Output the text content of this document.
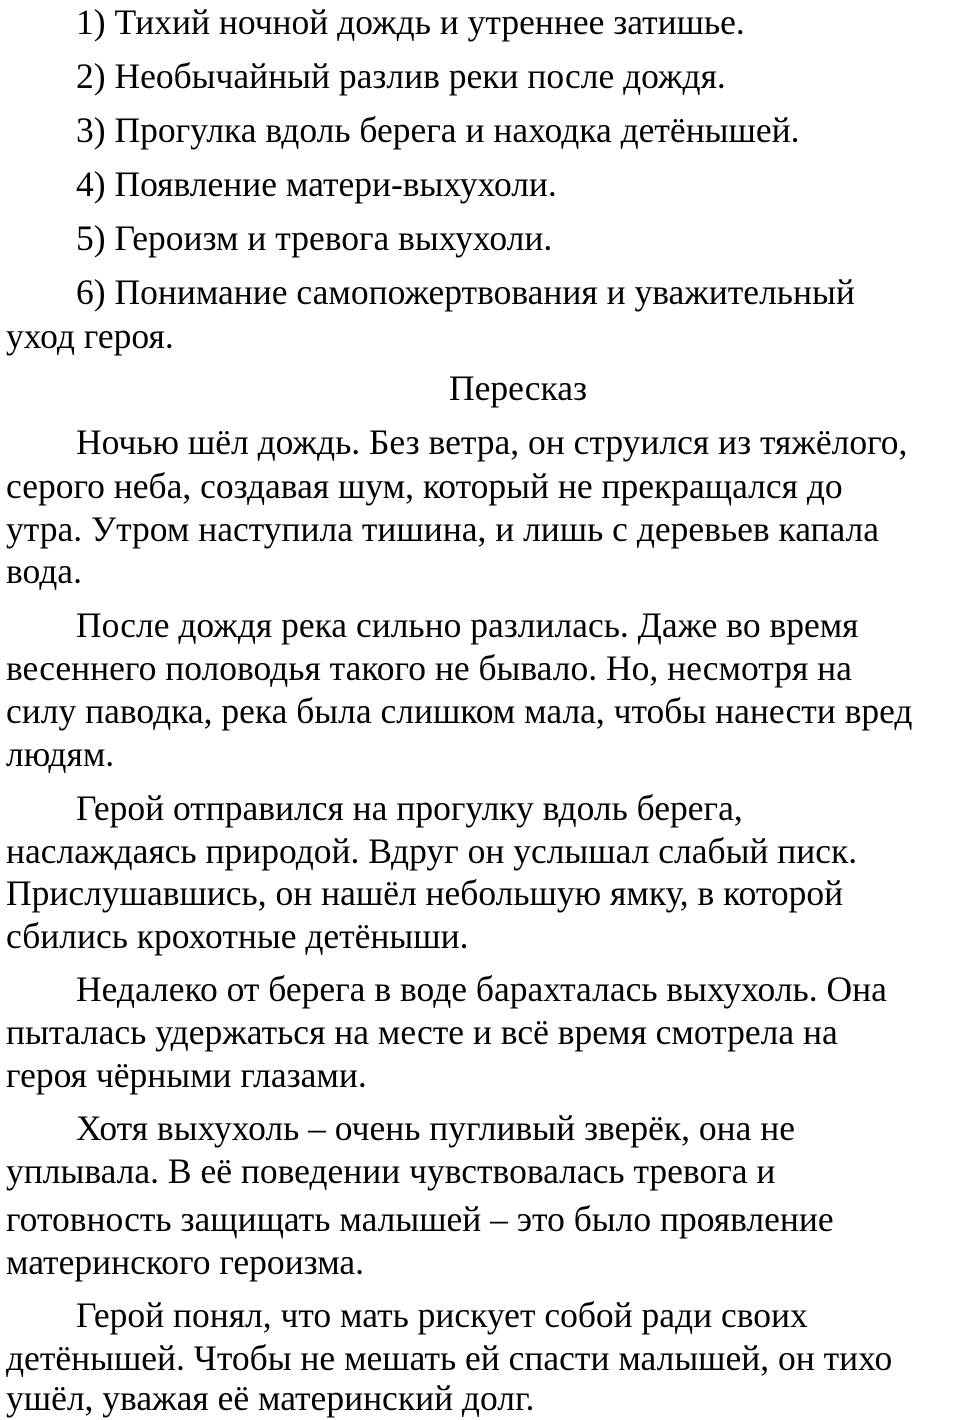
1) Тихий ночной дождь и утреннее затишье.

2) Необычайный разлив реки после дождя.

3) Прогулка вдоль берега и находка детёнышей.

4) Появление матери-выхухоли.

5) Героизм и тревога выхухоли.

6) Понимание самопожертвования и уважительный

уход героя.

Пересказ

Ночью шёл дождь. Без ветра, он струился из тяжёлого,

серого неба, создавая шум, который не прекращался до

утра. Утром наступила тишина, и лишь с деревьев капала

вода.

После дождя река сильно разлилась. Даже во время

весеннего половодья такого не бывало. Но, несмотря на

силу паводка, река была слишком мала, чтобы нанести вред

людям.

Герой отправился на прогулку вдоль берега,

наслаждаясь природой. Вдруг он услышал слабый писк.

Прислушавшись, он нашёл небольшую ямку, в которой

сбились крохотные детёныши.

Недалеко от берега в воде барахталась выхухоль. Она

пыталась удержаться на месте и всё время смотрела на

героя чёрными глазами.

Хотя выхухоль – очень пугливый зверёк, она не

уплывала. В её поведении чувствовалась тревога и

готовность защищать малышей – это было проявление

материнского героизма.

Герой понял, что мать рискует собой ради своих

детёнышей. Чтобы не мешать ей спасти малышей, он тихо

ушёл, уважая её материнский долг.
